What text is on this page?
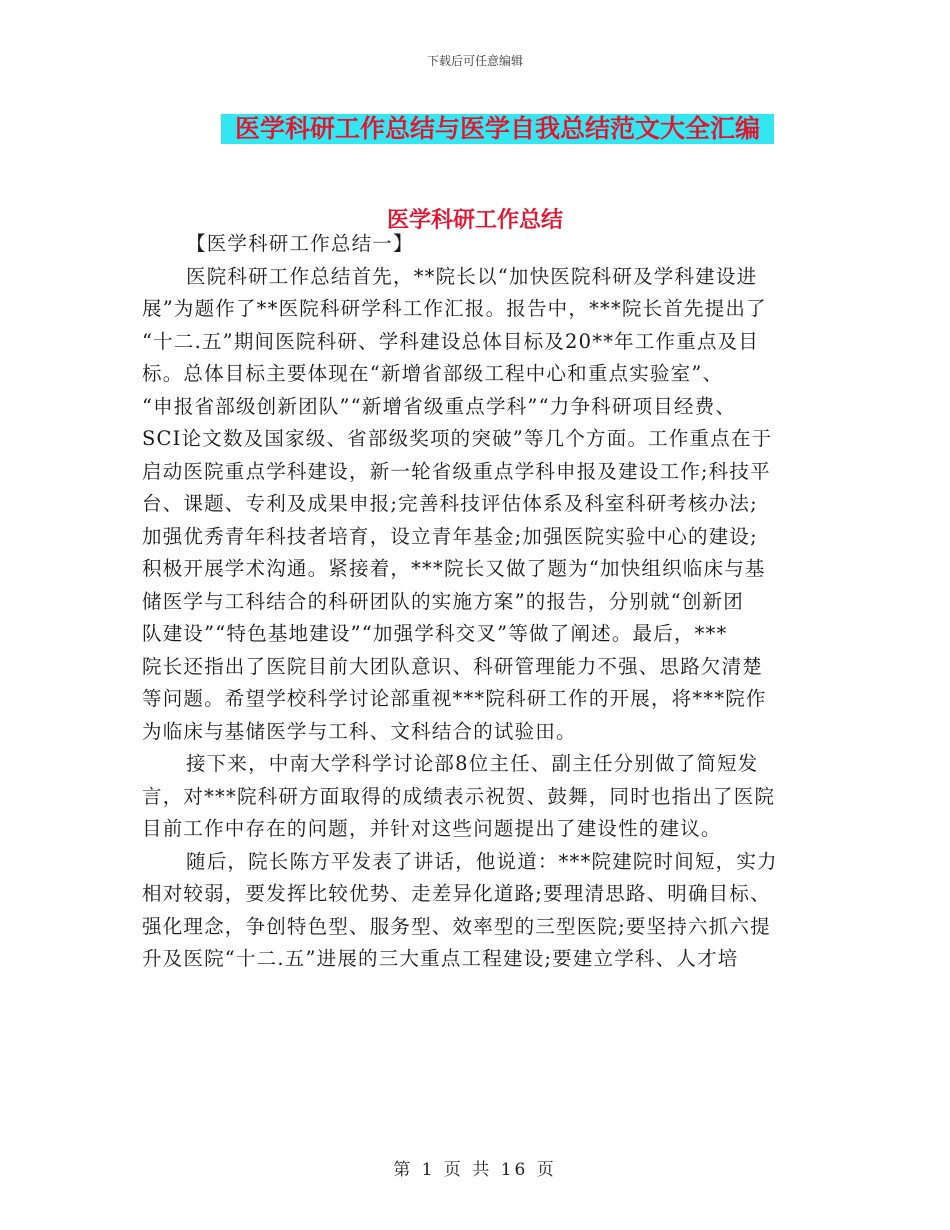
下载后可任意编辑
医学科研工作总结与医学自我总结范文大全汇编
医学科研工作总结
【医学科研工作总结一】
医院科研工作总结首先，**院长以“加快医院科研及学科建设进
展”为题作了**医院科研学科工作汇报。报告中，***院长首先提出了
“十二.五”期间医院科研、学科建设总体目标及20**年工作重点及目
标。总体目标主要体现在“新增省部级工程中心和重点实验室”、
“申报省部级创新团队”“新增省级重点学科”“力争科研项目经费、
SCI论文数及国家级、省部级奖项的突破”等几个方面。工作重点在于
启动医院重点学科建设，新一轮省级重点学科申报及建设工作;科技平
台、课题、专利及成果申报;完善科技评估体系及科室科研考核办法;
加强优秀青年科技者培育，设立青年基金;加强医院实验中心的建设;
积极开展学术沟通。紧接着，***院长又做了题为“加快组织临床与基
储医学与工科结合的科研团队的实施方案”的报告，分别就“创新团
队建设”“特色基地建设”“加强学科交叉”等做了阐述。最后，***
院长还指出了医院目前大团队意识、科研管理能力不强、思路欠清楚
等问题。希望学校科学讨论部重视***院科研工作的开展，将***院作
为临床与基储医学与工科、文科结合的试验田。
接下来，中南大学科学讨论部8位主任、副主任分别做了简短发
言，对***院科研方面取得的成绩表示祝贺、鼓舞，同时也指出了医院
目前工作中存在的问题，并针对这些问题提出了建设性的建议。
随后，院长陈方平发表了讲话，他说道：***院建院时间短，实力
相对较弱，要发挥比较优势、走差异化道路;要理清思路、明确目标、
强化理念，争创特色型、服务型、效率型的三型医院;要坚持六抓六提
升及医院“十二.五”进展的三大重点工程建设;要建立学科、人才培
第 1 页 共 16 页
